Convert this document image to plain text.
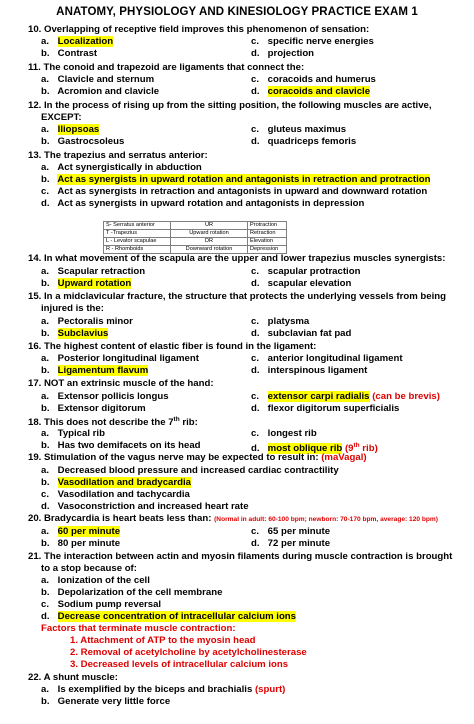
ANATOMY, PHYSIOLOGY AND KINESIOLOGY PRACTICE EXAM 1
10. Overlapping of receptive field improves this phenomenon of sensation:
a. Localization	c. specific nerve energies
b. Contrast	d. projection
11. The conoid and trapezoid are ligaments that connect the:
a. Clavicle and sternum	c. coracoids and humerus
b. Acromion and clavicle	d. coracoids and clavicle
12. In the process of rising up from the sitting position, the following muscles are active,
EXCEPT:
a. Iliopsoas	c. gluteus maximus
b. Gastrocsoleus	d. quadriceps femoris
13. The trapezius and serratus anterior:
a. Act synergistically in abduction
b. Act as synergists in upward rotation and antagonists in retraction and protraction
c. Act as synergists in retraction and antagonists in upward and downward rotation
d. Act as synergists in upward rotation and antagonists in depression
S- Serratus anterior	UR	Protraction
T -Trapezius	Upward rotation	Retraction
L - Levator scapulae	DR	Elevation
R - Rhomboids	Downward rotation	Depression
14. In what movement of the scapula are the upper and lower trapezius muscles synergists:
a. Scapular retraction	c. scapular protraction
b. Upward rotation	d. scapular elevation
15. In a midclavicular fracture, the structure that protects the underlying vessels from being
injured is the:
a. Pectoralis minor	c. platysma
b. Subclavius	d. subclavian fat pad
16. The highest content of elastic fiber is found in the ligament:
a. Posterior longitudinal ligament	c. anterior longitudinal ligament
b. Ligamentum flavum	d. interspinous ligament
17. NOT an extrinsic muscle of the hand:
a. Extensor pollicis longus	c. extensor carpi radialis (can be brevis)
b. Extensor digitorum	d. flexor digitorum superficialis
18. This does not describe the 7th rib:
a. Typical rib	c. longest rib
b. Has two demifacets on its head	d. most oblique rib (9th rib)
19. Stimulation of the vagus nerve may be expected to result in: (maVagal)
a. Decreased blood pressure and increased cardiac contractility
b. Vasodilation and bradycardia
c. Vasodilation and tachycardia
d. Vasoconstriction and increased heart rate
20. Bradycardia is heart beats less than: (Normal in adult: 60-100 bpm; newborn: 70-170 bpm, average: 120 bpm)
a. 60 per minute	c. 65 per minute
b. 80 per minute	d. 72 per minute
21. The interaction between actin and myosin filaments during muscle contraction is brought
to a stop because of:
a. Ionization of the cell
b. Depolarization of the cell membrane
c. Sodium pump reversal
d. Decrease concentration of intracellular calcium ions
Factors that terminate muscle contraction:
1. Attachment of ATP to the myosin head
2. Removal of acetylcholine by acetylcholinesterase
3. Decreased levels of intracellular calcium ions
22. A shunt muscle:
a. Is exemplified by the biceps and brachialis (spurt)
b. Generate very little force
